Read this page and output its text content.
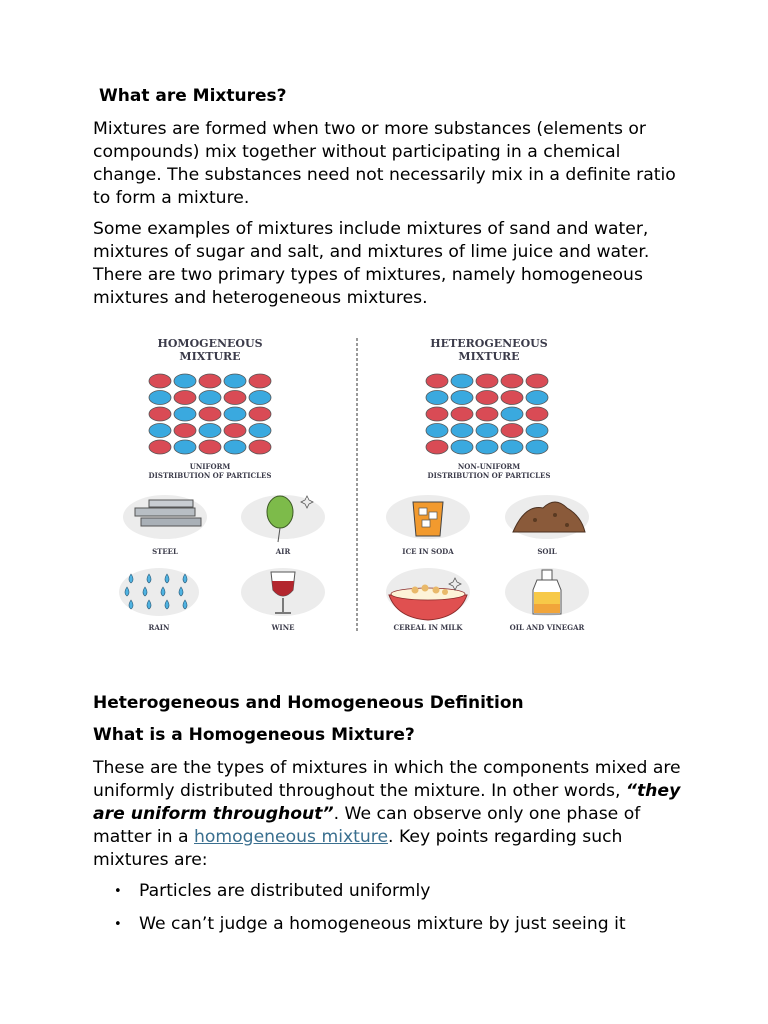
What are Mixtures?

Mixtures are formed when two or more substances (elements or compounds) mix together without participating in a chemical change. The substances need not necessarily mix in a definite ratio to form a mixture.

Some examples of mixtures include mixtures of sand and water, mixtures of sugar and salt, and mixtures of lime juice and water. There are two primary types of mixtures, namely homogeneous mixtures and heterogeneous mixtures.

Heterogeneous and Homogeneous Definition
What is a Homogeneous Mixture?

These are the types of mixtures in which the components mixed are uniformly distributed throughout the mixture. In other words, “they are uniform throughout”. We can observe only one phase of matter in a homogeneous mixture. Key points regarding such mixtures are:

• Particles are distributed uniformly
• We can’t judge a homogeneous mixture by just seeing it
HOMOGENEOUS
MIXTURE
HETEROGENEOUS
MIXTURE
UNIFORM
DISTRIBUTION OF PARTICLES
NON-UNIFORM
DISTRIBUTION OF PARTICLES
STEEL	AIR
RAIN	WINE
ICE IN SODA	SOIL
CEREAL IN MILK	OIL AND VINEGAR
